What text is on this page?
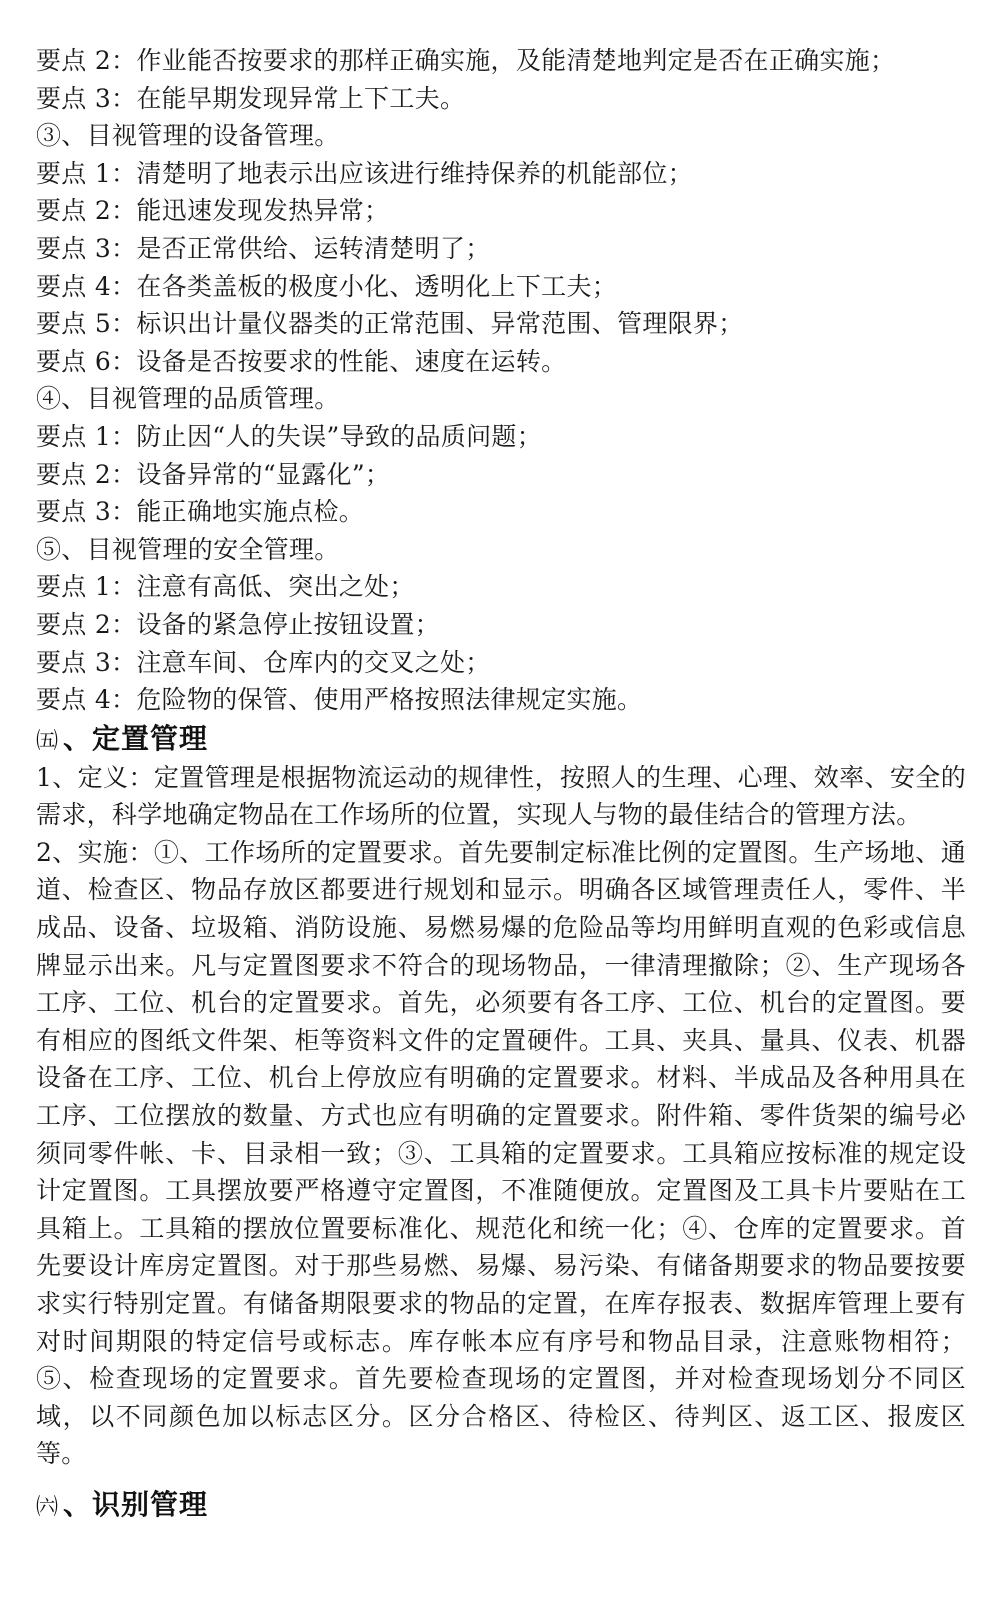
要点 2：作业能否按要求的那样正确实施，及能清楚地判定是否在正确实施；
要点 3：在能早期发现异常上下工夫。
③、目视管理的设备管理。
要点 1：清楚明了地表示出应该进行维持保养的机能部位；
要点 2：能迅速发现发热异常；
要点 3：是否正常供给、运转清楚明了；
要点 4：在各类盖板的极度小化、透明化上下工夫；
要点 5：标识出计量仪器类的正常范围、异常范围、管理限界；
要点 6：设备是否按要求的性能、速度在运转。
④、目视管理的品质管理。
要点 1：防止因“人的失误”导致的品质问题；
要点 2：设备异常的“显露化”；
要点 3：能正确地实施点检。
⑤、目视管理的安全管理。
要点 1：注意有高低、突出之处；
要点 2：设备的紧急停止按钮设置；
要点 3：注意车间、仓库内的交叉之处；
要点 4：危险物的保管、使用严格按照法律规定实施。
㈤ 、定置管理
1、定义：定置管理是根据物流运动的规律性，按照人的生理、心理、效率、安全的需求，科学地确定物品在工作场所的位置，实现人与物的最佳结合的管理方法。
2、实施：①、工作场所的定置要求。首先要制定标准比例的定置图。生产场地、通道、检查区、物品存放区都要进行规划和显示。明确各区域管理责任人，零件、半成品、设备、垃圾箱、消防设施、易燃易爆的危险品等均用鲜明直观的色彩或信息牌显示出来。凡与定置图要求不符合的现场物品，一律清理撤除；②、生产现场各工序、工位、机台的定置要求。首先，必须要有各工序、工位、机台的定置图。要有相应的图纸文件架、柜等资料文件的定置硬件。工具、夹具、量具、仪表、机器设备在工序、工位、机台上停放应有明确的定置要求。材料、半成品及各种用具在工序、工位摆放的数量、方式也应有明确的定置要求。附件箱、零件货架的编号必须同零件帐、卡、目录相一致；③、工具箱的定置要求。工具箱应按标准的规定设计定置图。工具摆放要严格遵守定置图，不准随便放。定置图及工具卡片要贴在工具箱上。工具箱的摆放位置要标准化、规范化和统一化；④、仓库的定置要求。首先要设计库房定置图。对于那些易燃、易爆、易污染、有储备期要求的物品要按要求实行特别定置。有储备期限要求的物品的定置，在库存报表、数据库管理上要有对时间期限的特定信号或标志。库存帐本应有序号和物品目录，注意账物相符；⑤、检查现场的定置要求。首先要检查现场的定置图，并对检查现场划分不同区域，以不同颜色加以标志区分。区分合格区、待检区、待判区、返工区、报废区等。
㈥ 、识别管理
